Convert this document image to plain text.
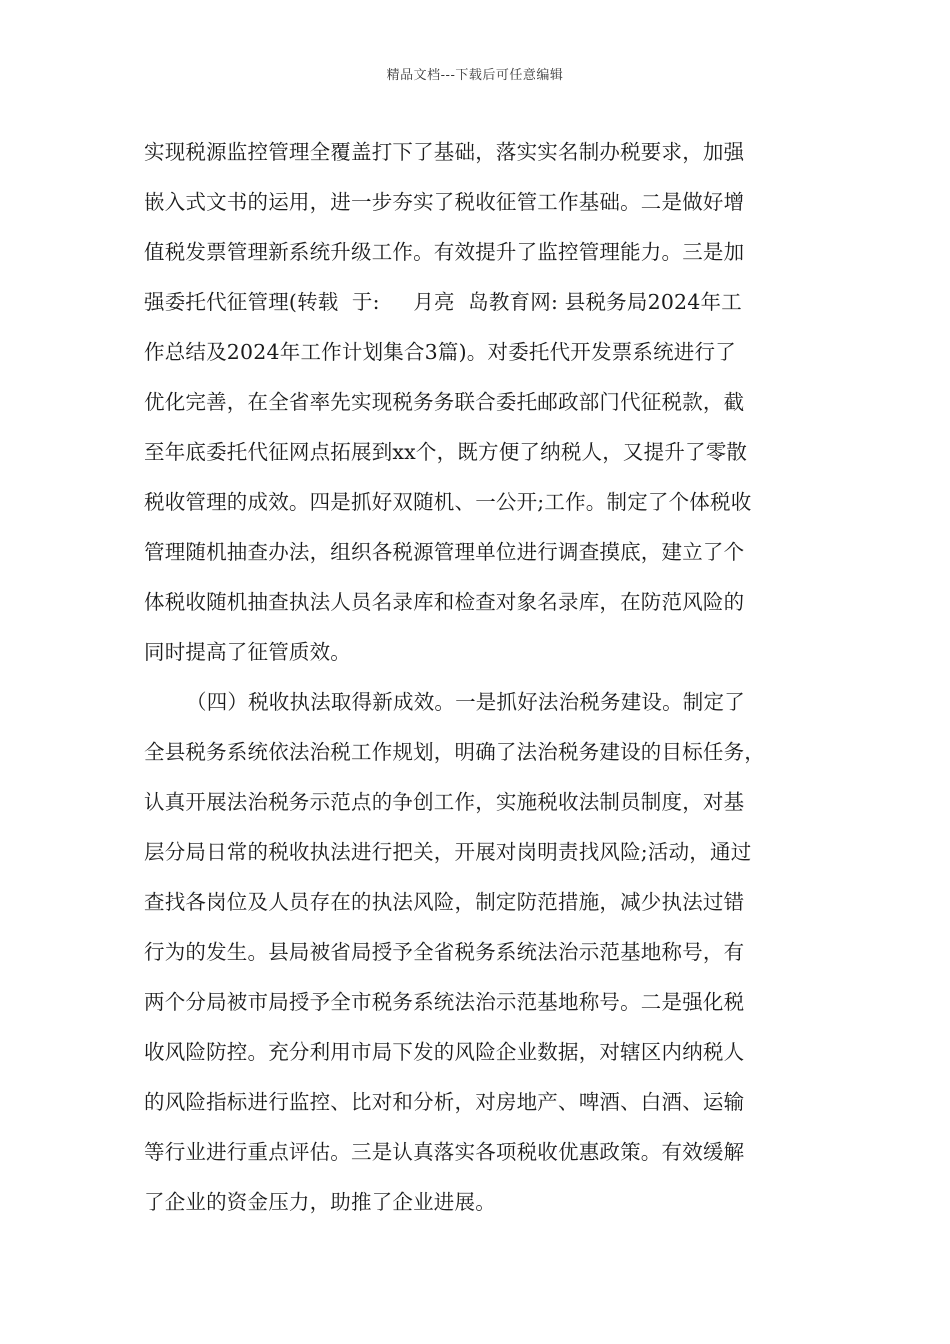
精品文档---下载后可任意编辑
实现税源监控管理全覆盖打下了基础，落实实名制办税要求，加强
嵌入式文书的运用，进一步夯实了税收征管工作基础。二是做好增
值税发票管理新系统升级工作。有效提升了监控管理能力。三是加
强委托代征管理(转载  于:     月亮  岛教育网: 县税务局2024年工
作总结及2024年工作计划集合3篇)。对委托代开发票系统进行了
优化完善，在全省率先实现税务务联合委托邮政部门代征税款，截
至年底委托代征网点拓展到xx个，既方便了纳税人，又提升了零散
税收管理的成效。四是抓好双随机、一公开;工作。制定了个体税收
管理随机抽查办法，组织各税源管理单位进行调查摸底，建立了个
体税收随机抽查执法人员名录库和检查对象名录库，在防范风险的
同时提高了征管质效。
（四）税收执法取得新成效。一是抓好法治税务建设。制定了
全县税务系统依法治税工作规划，明确了法治税务建设的目标任务，
认真开展法治税务示范点的争创工作，实施税收法制员制度，对基
层分局日常的税收执法进行把关，开展对岗明责找风险;活动，通过
查找各岗位及人员存在的执法风险，制定防范措施，减少执法过错
行为的发生。县局被省局授予全省税务系统法治示范基地称号，有
两个分局被市局授予全市税务系统法治示范基地称号。二是强化税
收风险防控。充分利用市局下发的风险企业数据，对辖区内纳税人
的风险指标进行监控、比对和分析，对房地产、啤酒、白酒、运输
等行业进行重点评估。三是认真落实各项税收优惠政策。有效缓解
了企业的资金压力，助推了企业进展。
